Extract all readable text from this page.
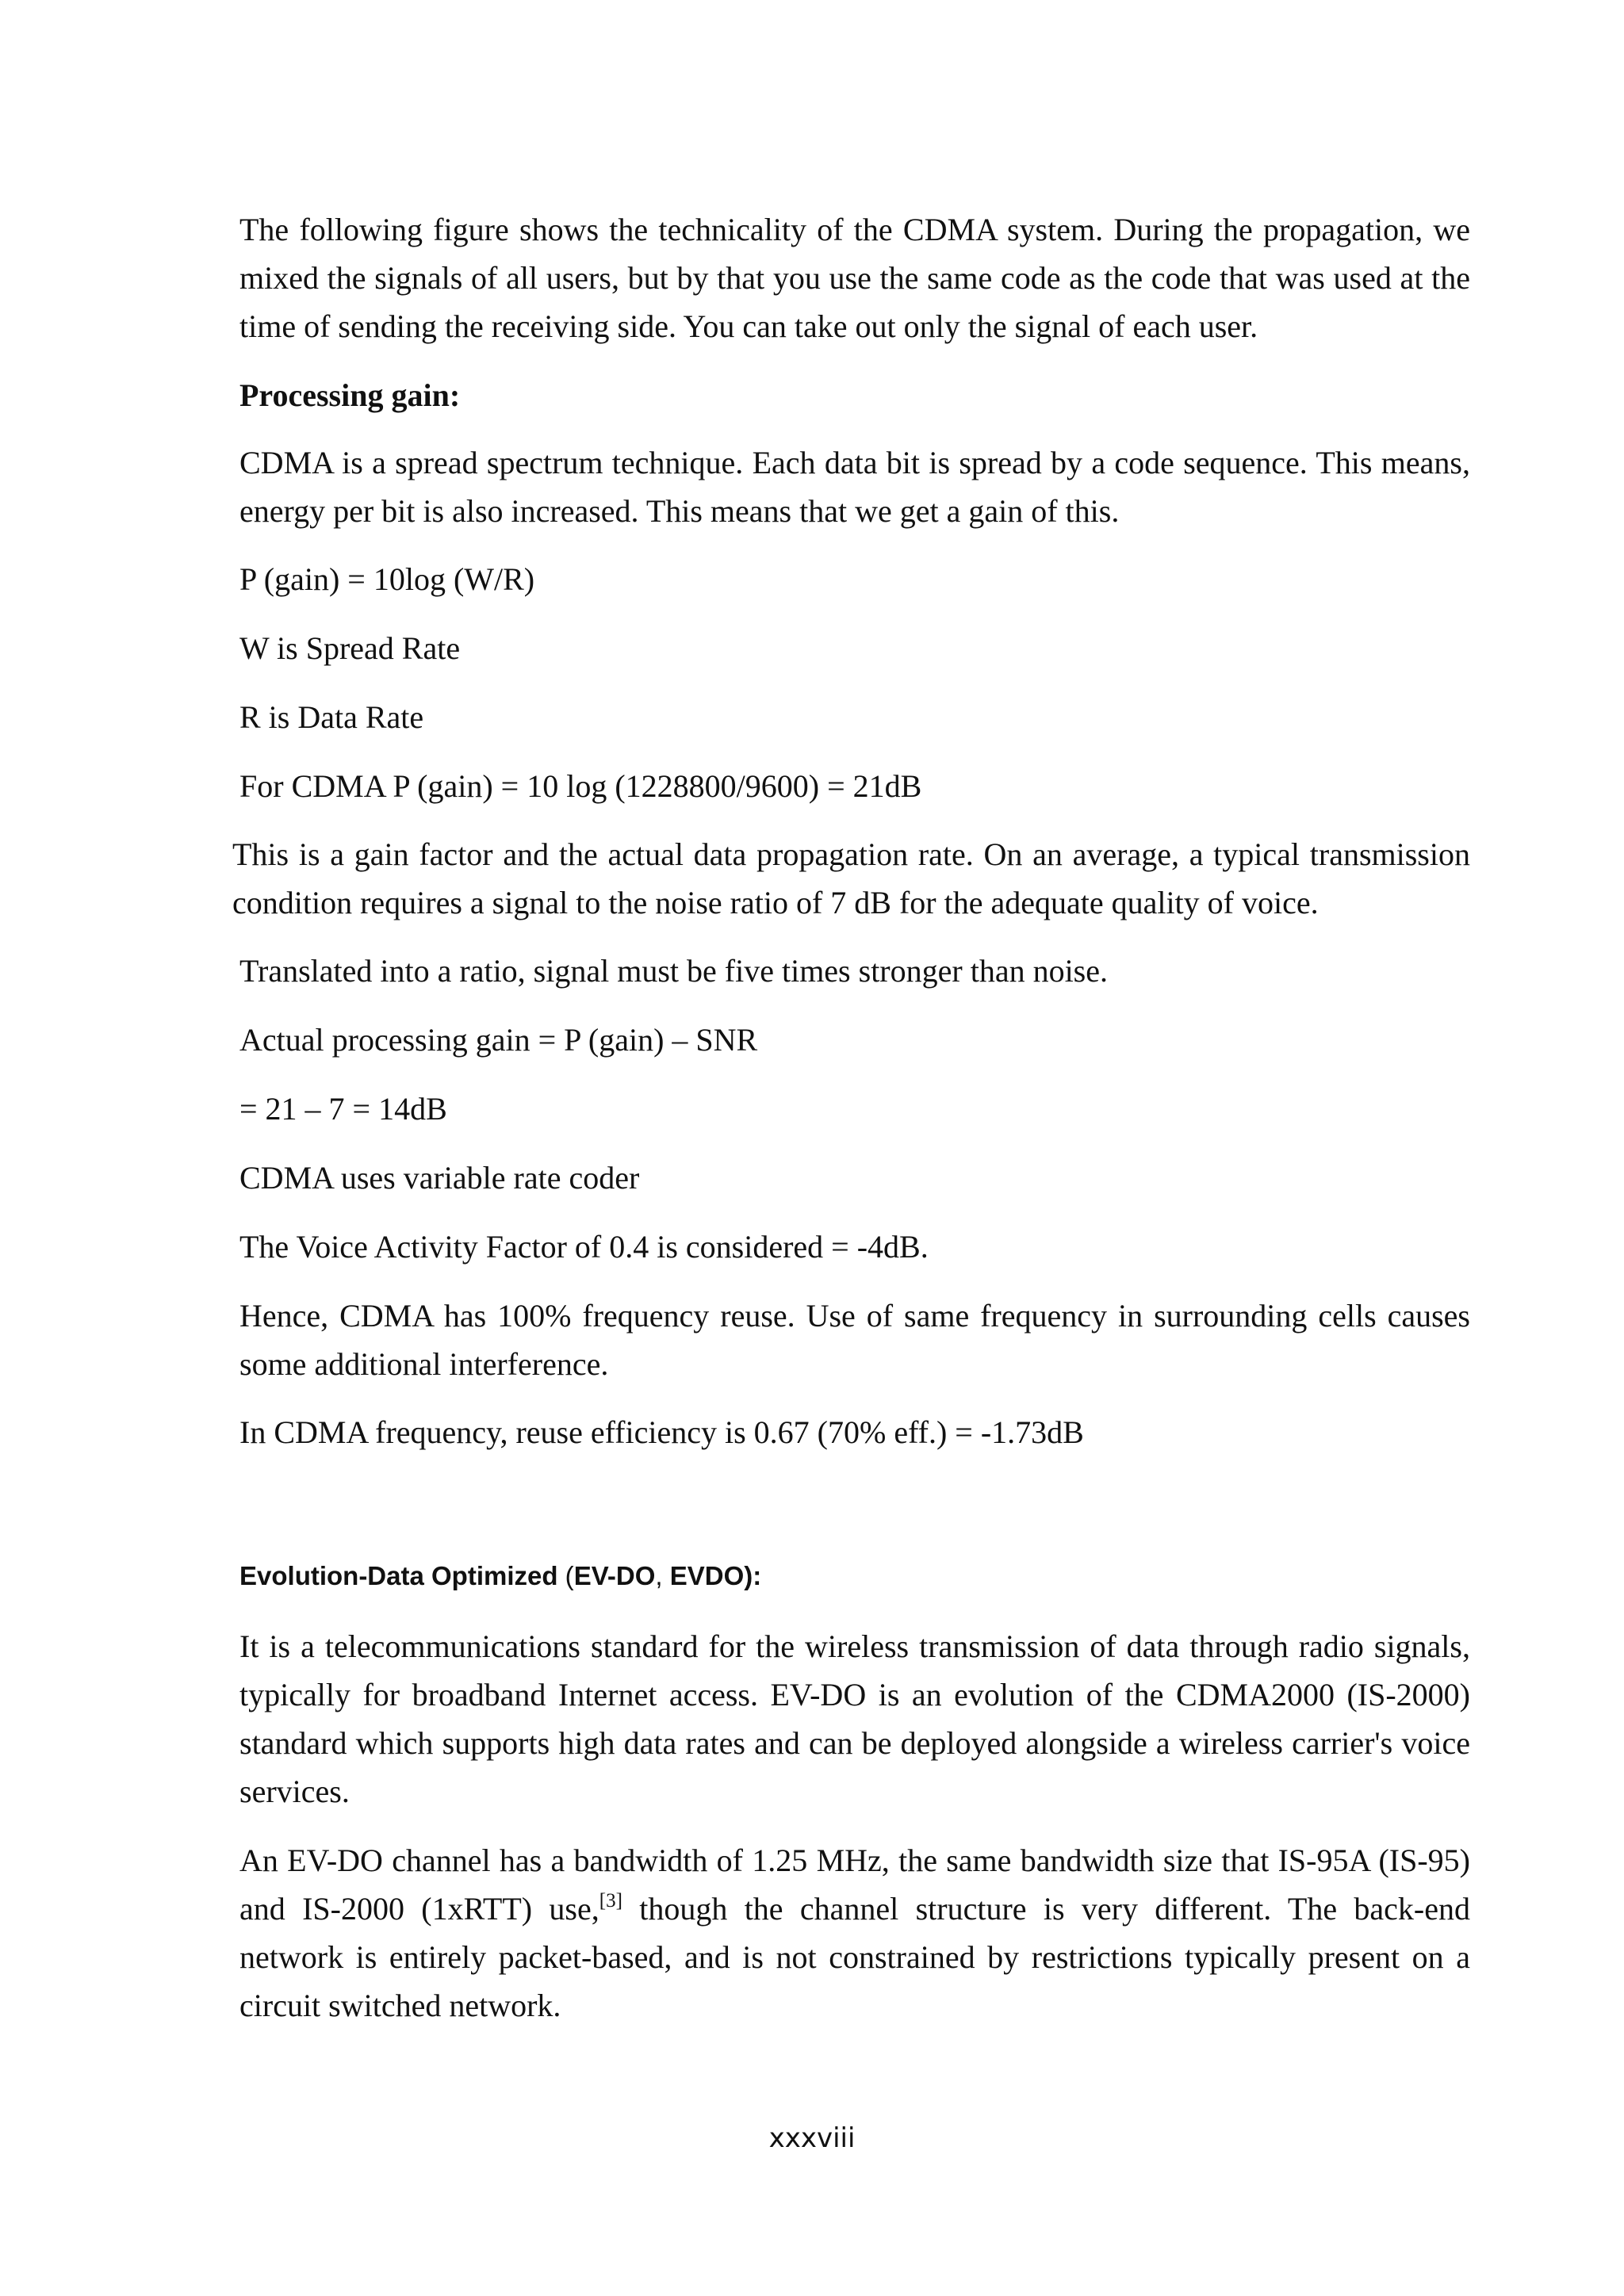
The following figure shows the technicality of the CDMA system. During the propagation, we mixed the signals of all users, but by that you use the same code as the code that was used at the time of sending the receiving side. You can take out only the signal of each user.

Processing gain:

CDMA is a spread spectrum technique. Each data bit is spread by a code sequence. This means, energy per bit is also increased. This means that we get a gain of this.

P (gain) = 10log (W/R)

W is Spread Rate

R is Data Rate

For CDMA P (gain) = 10 log (1228800/9600) = 21dB

This is a gain factor and the actual data propagation rate. On an average, a typical transmission condition requires a signal to the noise ratio of 7 dB for the adequate quality of voice.

Translated into a ratio, signal must be five times stronger than noise.

Actual processing gain = P (gain) – SNR

= 21 – 7 = 14dB

CDMA uses variable rate coder

The Voice Activity Factor of 0.4 is considered = -4dB.

Hence, CDMA has 100% frequency reuse. Use of same frequency in surrounding cells causes some additional interference.

In CDMA frequency, reuse efficiency is 0.67 (70% eff.) = -1.73dB

Evolution-Data Optimized (EV-DO, EVDO):

It is a telecommunications standard for the wireless transmission of data through radio signals, typically for broadband Internet access. EV-DO is an evolution of the CDMA2000 (IS-2000) standard which supports high data rates and can be deployed alongside a wireless carrier's voice services.

An EV-DO channel has a bandwidth of 1.25 MHz, the same bandwidth size that IS-95A (IS-95) and IS-2000 (1xRTT) use,[3] though the channel structure is very different. The back-end network is entirely packet-based, and is not constrained by restrictions typically present on a circuit switched network.

xxxviii
